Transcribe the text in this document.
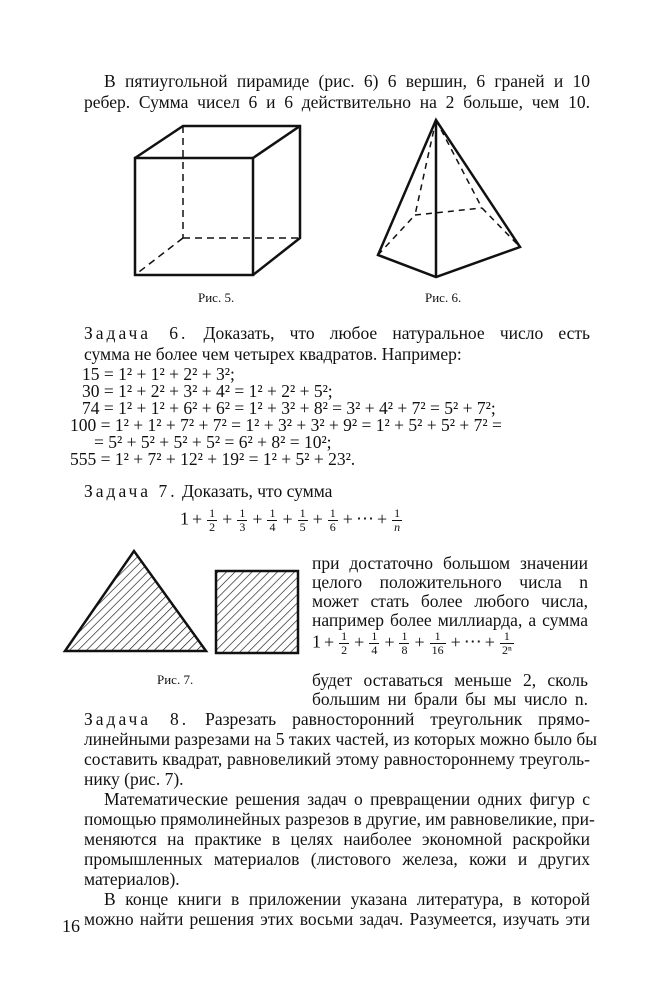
В пятиугольной пирамиде (рис. 6) 6 вершин, 6 граней и 10
ребер. Сумма чисел 6 и 6 действительно на 2 больше, чем 10.
Рис. 5.	Рис. 6.
Задача 6. Доказать, что любое натуральное число есть
сумма не более чем четырех квадратов. Например:
15 = 1² + 1² + 2² + 3²;
30 = 1² + 2² + 3² + 4² = 1² + 2² + 5²;
74 = 1² + 1² + 6² + 6² = 1² + 3² + 8² = 3² + 4² + 7² = 5² + 7²;
100 = 1² + 1² + 7² + 7² = 1² + 3² + 3² + 9² = 1² + 5² + 5² + 7² =
= 5² + 5² + 5² + 5² = 6² + 8² = 10²;
555 = 1² + 7² + 12² + 19² = 1² + 5² + 23².
Задача 7. Доказать, что сумма
$1 + \frac{1}{2} + \frac{1}{3} + \frac{1}{4} + \frac{1}{5} + \frac{1}{6}$ + ⋯ + $\frac{1}{n}$
Рис. 7.
при достаточно большом значении
целого положительного числа n
может стать более любого числа,
например более миллиарда, а сумма
$1 + \frac{1}{2} + \frac{1}{4} + \frac{1}{8} + \frac{1}{16}$ + ⋯ + $\frac{1}{\text{2ⁿ}}$
будет оставаться меньше 2, сколь
большим ни брали бы мы число n.
Задача 8. Разрезать равносторонний треугольник прямо-
линейными разрезами на 5 таких частей, из которых можно было бы
составить квадрат, равновеликий этому равностороннему треуголь-
нику (рис. 7).
Математические решения задач о превращении одних фигур с
помощью прямолинейных разрезов в другие, им равновеликие, при-
меняются на практике в целях наиболее экономной раскройки
промышленных материалов (листового железа, кожи и других
материалов).
В конце книги в приложении указана литература, в которой
можно найти решения этих восьми задач. Разумеется, изучать эти
16
